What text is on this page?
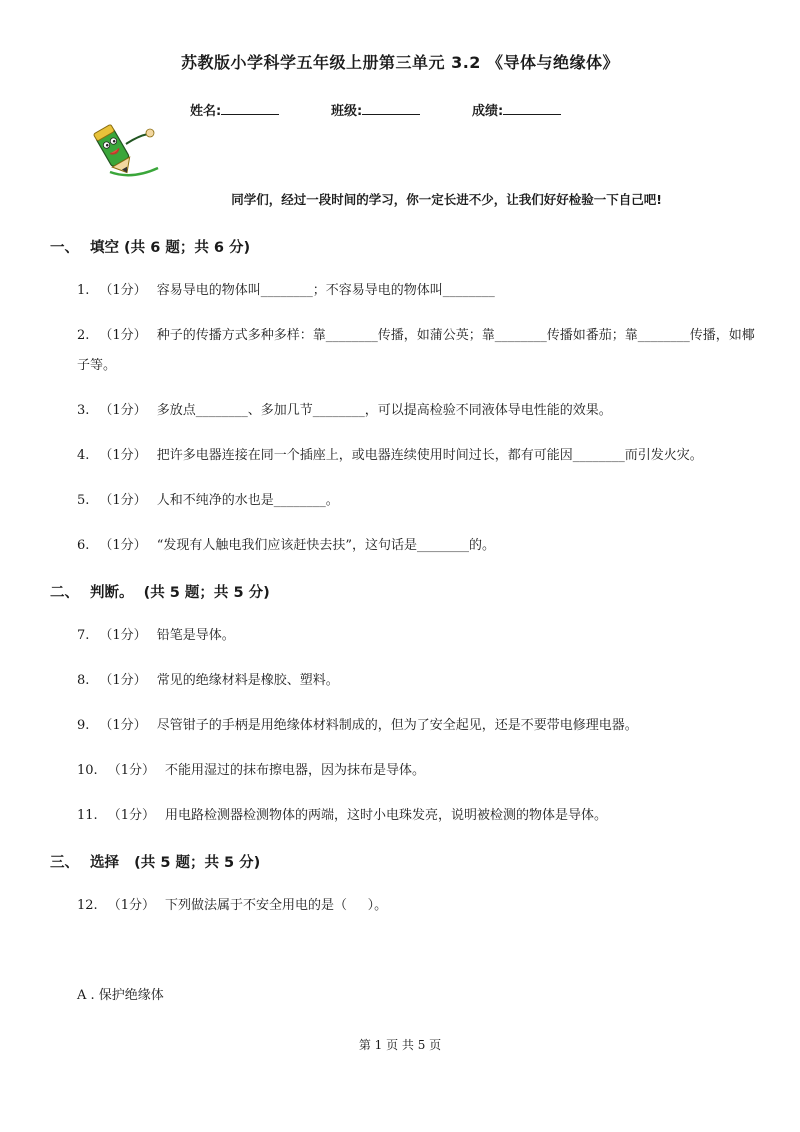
苏教版小学科学五年级上册第三单元 3.2 《导体与绝缘体》
姓名:	班级:	成绩:
同学们，经过一段时间的学习，你一定长进不少，让我们好好检验一下自己吧!
一、 填空 (共 6 题；共 6 分)
1. （1分） 容易导电的物体叫________；不容易导电的物体叫________
2. （1分） 种子的传播方式多种多样：靠________传播，如蒲公英；靠________传播如番茄；靠________传播，如椰子等。
3. （1分） 多放点________、多加几节________，可以提高检验不同液体导电性能的效果。
4. （1分） 把许多电器连接在同一个插座上，或电器连续使用时间过长，都有可能因________而引发火灾。
5. （1分） 人和不纯净的水也是________。
6. （1分） “发现有人触电我们应该赶快去扶”，这句话是________的。
二、 判断。  (共 5 题；共 5 分)
7. （1分） 铅笔是导体。
8. （1分） 常见的绝缘材料是橡胶、塑料。
9. （1分） 尽管钳子的手柄是用绝缘体材料制成的，但为了安全起见，还是不要带电修理电器。
10. （1分） 不能用湿过的抹布擦电器，因为抹布是导体。
11. （1分） 用电路检测器检测物体的两端，这时小电珠发亮，说明被检测的物体是导体。
三、 选择   (共 5 题；共 5 分)
12. （1分） 下列做法属于不安全用电的是（     ）。
A . 保护绝缘体
第 1 页 共 5 页
